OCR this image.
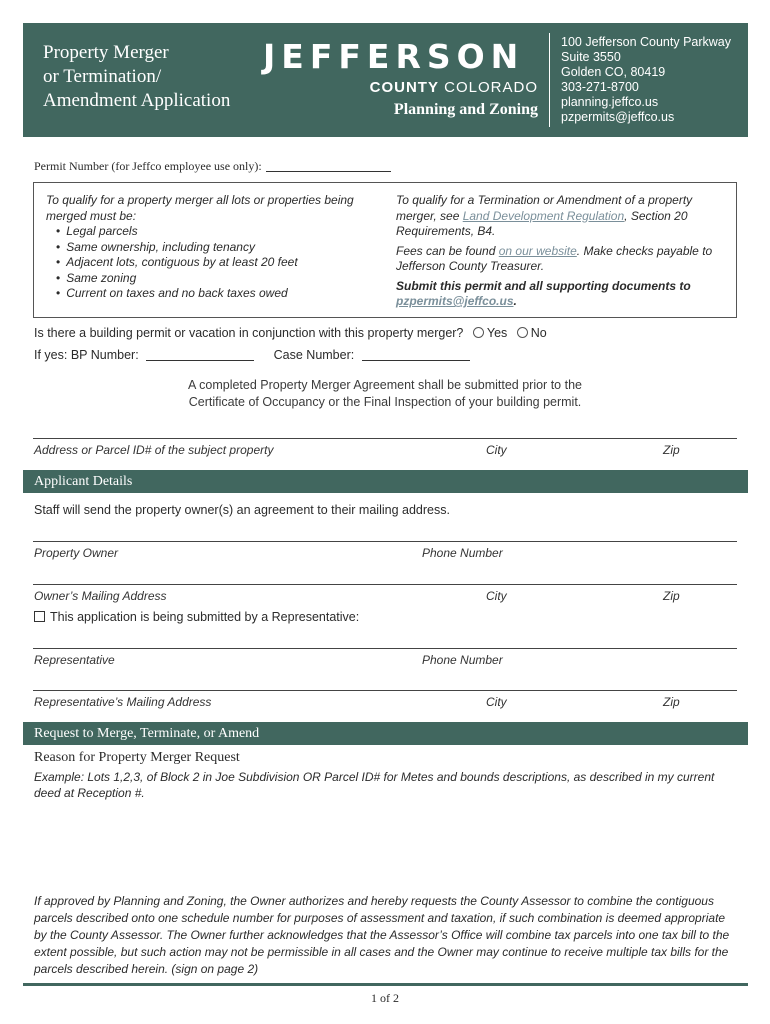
Property Merger
or Termination/
Amendment Application
JEFFERSON
COUNTY COLORADO
Planning and Zoning
100 Jefferson County Parkway
Suite 3550
Golden CO, 80419
303-271-8700
planning.jeffco.us
pzpermits@jeffco.us
Permit Number (for Jeffco employee use only):
To qualify for a property merger all lots or properties being merged must be:
• Legal parcels
• Same ownership, including tenancy
• Adjacent lots, contiguous by at least 20 feet
• Same zoning
• Current on taxes and no back taxes owed

To qualify for a Termination or Amendment of a property merger, see Land Development Regulation, Section 20 Requirements, B4.

Fees can be found on our website. Make checks payable to Jefferson County Treasurer.

Submit this permit and all supporting documents to pzpermits@jeffco.us.

Is there a building permit or vacation in conjunction with this property merger? Yes No
If yes: BP Number:	Case Number:
A completed Property Merger Agreement shall be submitted prior to the
Certificate of Occupancy or the Final Inspection of your building permit.
Address or Parcel ID# of the subject property	City	Zip
Applicant Details
Staff will send the property owner(s) an agreement to their mailing address.
Property Owner	Phone Number
Owner’s Mailing Address	City	Zip
This application is being submitted by a Representative:
Representative	Phone Number
Representative’s Mailing Address	City	Zip
Request to Merge, Terminate, or Amend
Reason for Property Merger Request
Example: Lots 1,2,3, of Block 2 in Joe Subdivision OR Parcel ID# for Metes and bounds descriptions, as described in my current deed at Reception #.
If approved by Planning and Zoning, the Owner authorizes and hereby requests the County Assessor to combine the contiguous parcels described onto one schedule number for purposes of assessment and taxation, if such combination is deemed appropriate by the County Assessor. The Owner further acknowledges that the Assessor’s Office will combine tax parcels into one tax bill to the extent possible, but such action may not be permissible in all cases and the Owner may continue to receive multiple tax bills for the parcels described herein. (sign on page 2)
1 of 2
